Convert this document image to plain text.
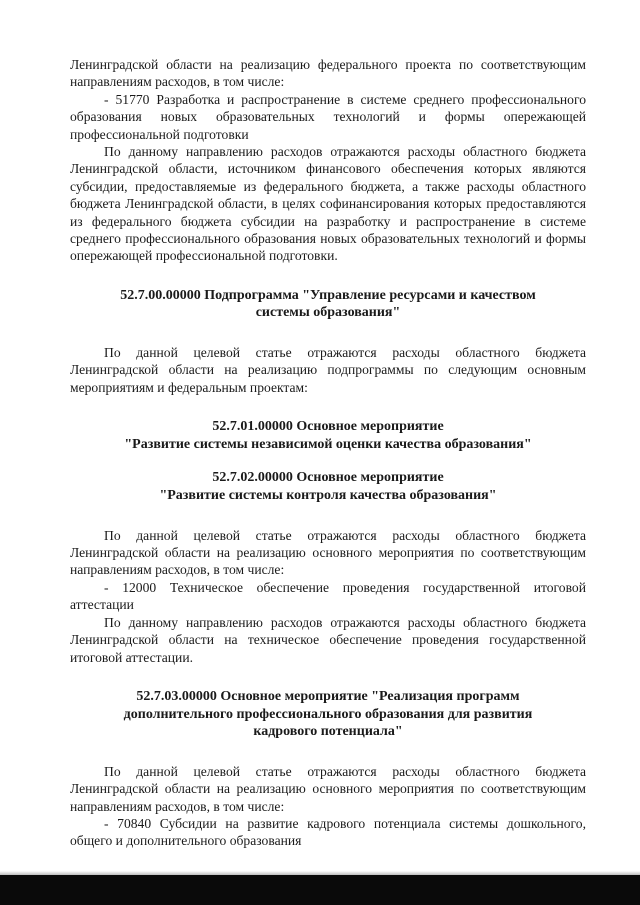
Ленинградской области на реализацию федерального проекта по соответствующим направлениям расходов, в том числе:

- 51770 Разработка и распространение в системе среднего профессионального образования новых образовательных технологий и формы опережающей профессиональной подготовки

По данному направлению расходов отражаются расходы областного бюджета Ленинградской области, источником финансового обеспечения которых являются субсидии, предоставляемые из федерального бюджета, а также расходы областного бюджета Ленинградской области, в целях софинансирования которых предоставляются из федерального бюджета субсидии на разработку и распространение в системе среднего профессионального образования новых образовательных технологий и формы опережающей профессиональной подготовки.

52.7.00.00000 Подпрограмма "Управление ресурсами и качеством
системы образования"

По данной целевой статье отражаются расходы областного бюджета Ленинградской области на реализацию подпрограммы по следующим основным мероприятиям и федеральным проектам:

52.7.01.00000 Основное мероприятие
"Развитие системы независимой оценки качества образования"
52.7.02.00000 Основное мероприятие
"Развитие системы контроля качества образования"

По данной целевой статье отражаются расходы областного бюджета Ленинградской области на реализацию основного мероприятия по соответствующим направлениям расходов, в том числе:

- 12000 Техническое обеспечение проведения государственной итоговой аттестации

По данному направлению расходов отражаются расходы областного бюджета Ленинградской области на техническое обеспечение проведения государственной итоговой аттестации.

52.7.03.00000 Основное мероприятие "Реализация программ
дополнительного профессионального образования для развития
кадрового потенциала"

По данной целевой статье отражаются расходы областного бюджета Ленинградской области на реализацию основного мероприятия по соответствующим направлениям расходов, в том числе:

- 70840 Субсидии на развитие кадрового потенциала системы дошкольного, общего и дополнительного образования
